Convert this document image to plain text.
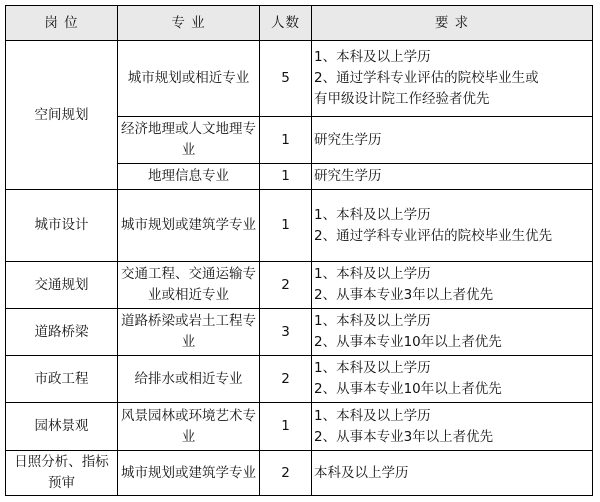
岗 位	专 业	人数	要 求
空间规划	城市规划或相近专业	5	1、本科及以上学历
2、通过学科专业评估的院校毕业生或
有甲级设计院工作经验者优先

	经济地理或人文地理专业	1	研究生学历

	地理信息专业	1	研究生学历

城市设计	城市规划或建筑学专业	1	1、本科及以上学历
2、通过学科专业评估的院校毕业生优先

交通规划	交通工程、交通运输专业或相近专业	2	1、本科及以上学历
2、从事本专业3年以上者优先

道路桥梁	道路桥梁或岩土工程专业	3	1、本科及以上学历
2、从事本专业10年以上者优先

市政工程	给排水或相近专业	2	1、本科及以上学历
2、从事本专业10年以上者优先

园林景观	风景园林或环境艺术专业	1	1、本科及以上学历
2、从事本专业3年以上者优先

日照分析、指标预审	城市规划或建筑学专业	2	本科及以上学历
